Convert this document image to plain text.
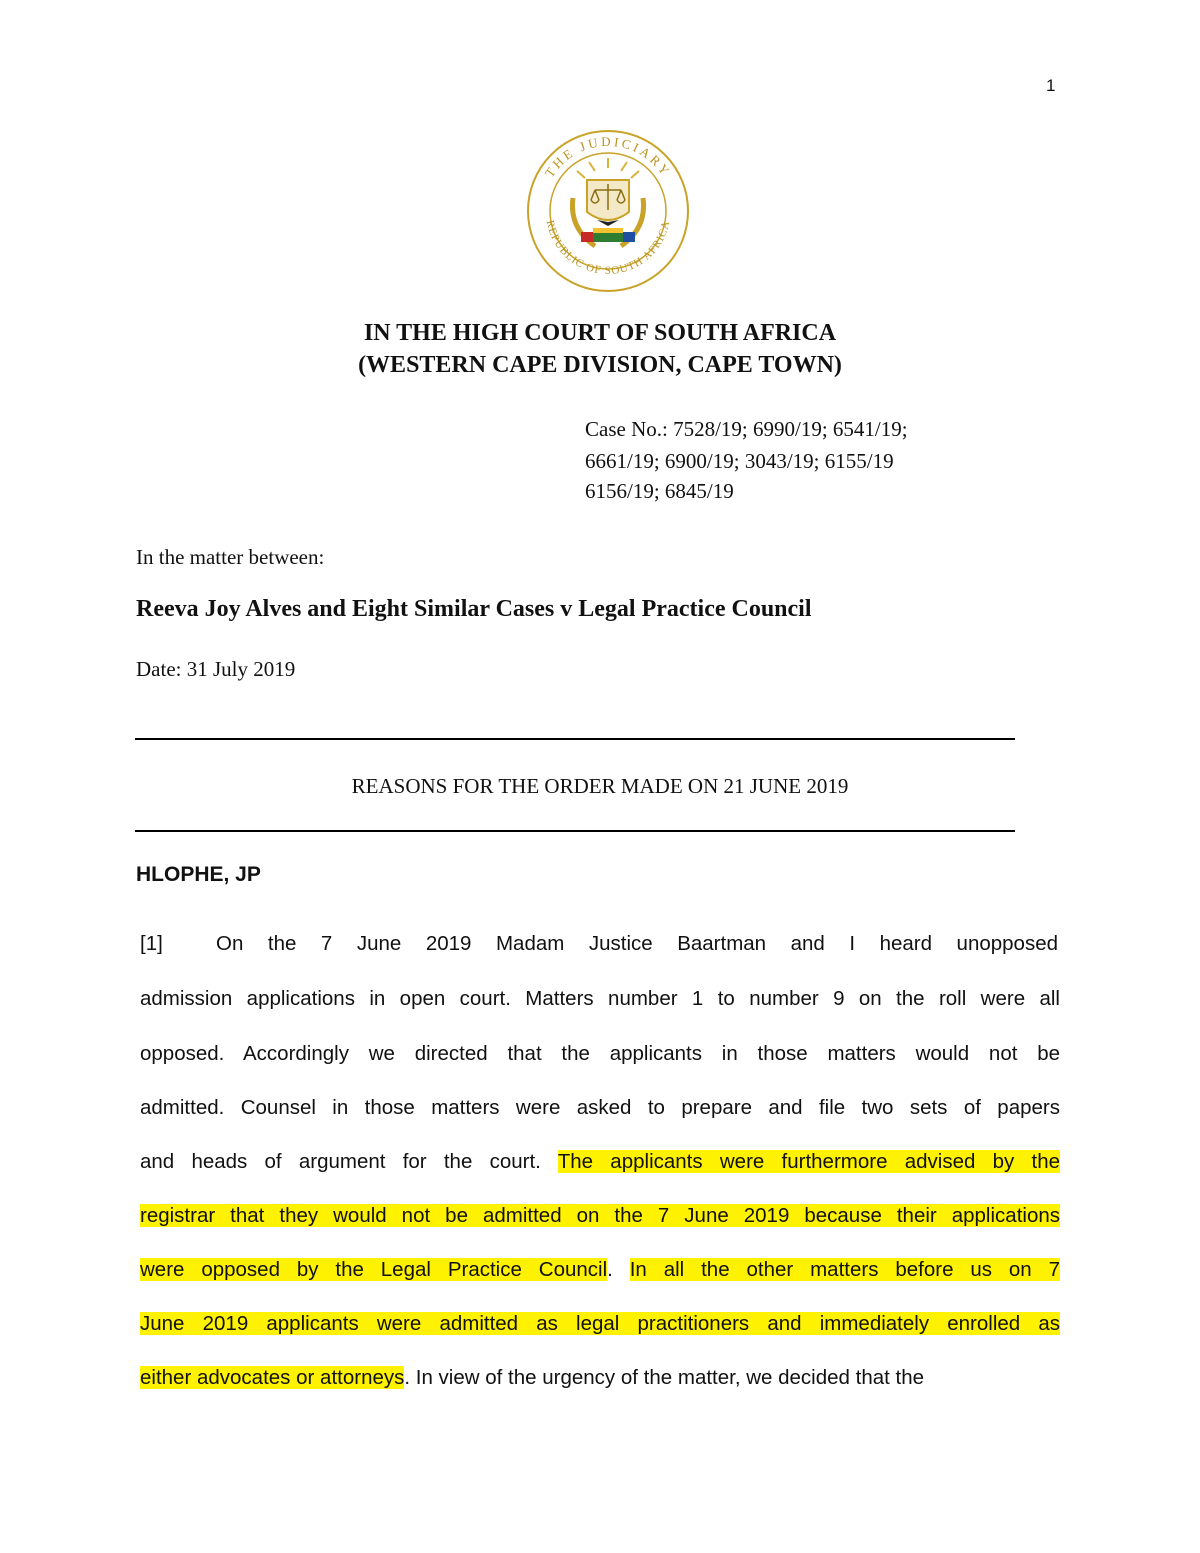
1
THE JUDICIARY
REPUBLIC OF SOUTH AFRICA
IN THE HIGH COURT OF SOUTH AFRICA
(WESTERN CAPE DIVISION, CAPE TOWN)
Case No.: 7528/19; 6990/19; 6541/19;
6661/19; 6900/19; 3043/19; 6155/19
6156/19; 6845/19
In the matter between:
Reeva Joy Alves and Eight Similar Cases v Legal Practice Council
Date: 31 July 2019
REASONS FOR THE ORDER MADE ON 21 JUNE 2019
HLOPHE, JP
[1]	On the 7 June 2019 Madam Justice Baartman and I heard unopposed
admission applications in open court. Matters number 1 to number 9 on the roll were all
opposed. Accordingly we directed that the applicants in those matters would not be
admitted. Counsel in those matters were asked to prepare and file two sets of papers
and heads of argument for the court. The applicants were furthermore advised by the
registrar that they would not be admitted on the 7 June 2019 because their applications
were opposed by the Legal Practice Council. In all the other matters before us on 7
June 2019 applicants were admitted as legal practitioners and immediately enrolled as
either advocates or attorneys. In view of the urgency of the matter, we decided that the
